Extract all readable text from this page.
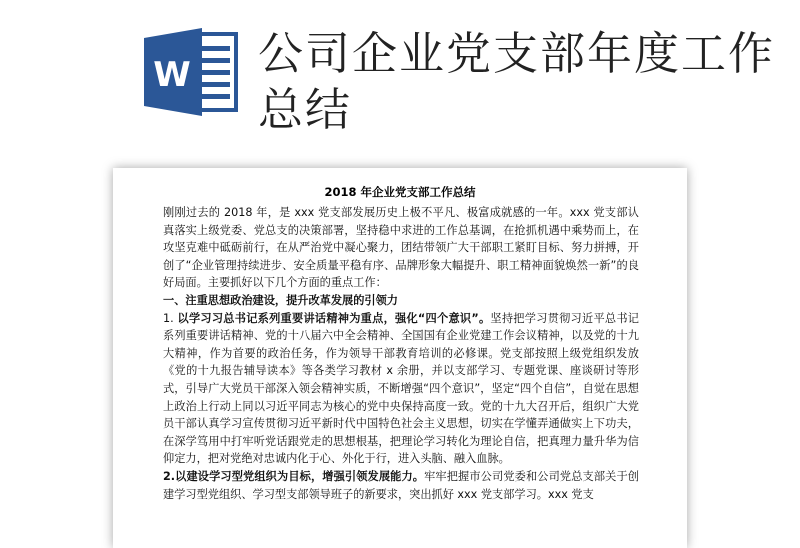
W 公司企业党支部年度工作总结
2018 年企业党支部工作总结

刚刚过去的 2018 年，是 xxx 党支部发展历史上极不平凡、极富成就感的一年。xxx 党支部认真落实上级党委、党总支的决策部署，坚持稳中求进的工作总基调，在抢抓机遇中乘势而上，在攻坚克难中砥砺前行，在从严治党中凝心聚力，团结带领广大干部职工紧盯目标、努力拼搏，开创了“企业管理持续进步、安全质量平稳有序、品牌形象大幅提升、职工精神面貌焕然一新”的良好局面。主要抓好以下几个方面的重点工作：

一、注重思想政治建设，提升改革发展的引领力

1. 以学习习总书记系列重要讲话精神为重点，强化“四个意识”。坚持把学习贯彻习近平总书记系列重要讲话精神、党的十八届六中全会精神、全国国有企业党建工作会议精神，以及党的十九大精神，作为首要的政治任务，作为领导干部教育培训的必修课。党支部按照上级党组织发放《党的十九报告辅导读本》等各类学习教材 x 余册，并以支部学习、专题党课、座谈研讨等形式，引导广大党员干部深入领会精神实质，不断增强“四个意识”，坚定“四个自信”，自觉在思想上政治上行动上同以习近平同志为核心的党中央保持高度一致。党的十九大召开后，组织广大党员干部认真学习宣传贯彻习近平新时代中国特色社会主义思想，切实在学懂弄通做实上下功夫，在深学笃用中打牢听党话跟党走的思想根基，把理论学习转化为理论自信，把真理力量升华为信仰定力，把对党绝对忠诚内化于心、外化于行，进入头脑、融入血脉。

2.以建设学习型党组织为目标，增强引领发展能力。牢牢把握市公司党委和公司党总支部关于创建学习型党组织、学习型支部领导班子的新要求，突出抓好 xxx 党支部学习。xxx 党支
